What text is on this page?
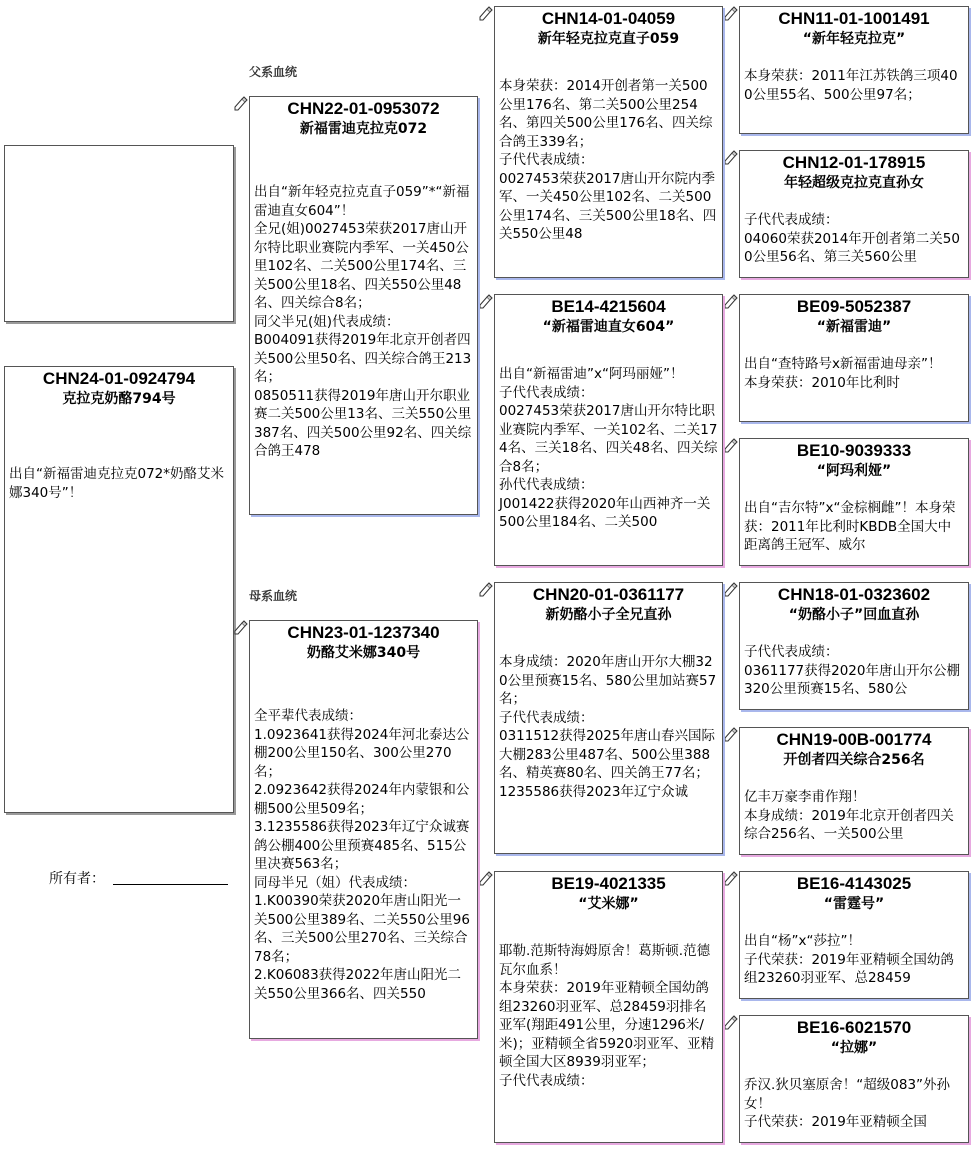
父系血统
母系血统
CHN24-01-0924794
克拉克奶酪794号
出自“新福雷迪克拉克072*奶酪艾米娜340号”！
所有者：
CHN22-01-0953072
新福雷迪克拉克072
出自“新年轻克拉克直子059”*“新福雷迪直女604”！
全兄(姐)0027453荣获2017唐山开尔特比职业赛院内季军、一关450公里102名、二关500公里174名、三关500公里18名、四关550公里48名、四关综合8名；
同父半兄(姐)代表成绩：
B004091获得2019年北京开创者四关500公里50名、四关综合鸽王213名；
0850511获得2019年唐山开尔职业赛二关500公里13名、三关550公里387名、四关500公里92名、四关综合鸽王478
CHN23-01-1237340
奶酪艾米娜340号
全平辈代表成绩：
1.0923641获得2024年河北泰达公棚200公里150名、300公里270名；
2.0923642获得2024年内蒙银和公棚500公里509名；
3.1235586获得2023年辽宁众诚赛鸽公棚400公里预赛485名、515公里决赛563名；
同母半兄（姐）代表成绩：
1.K00390荣获2020年唐山阳光一关500公里389名、二关550公里96名、三关500公里270名、三关综合78名；
2.K06083获得2022年唐山阳光二关550公里366名、四关550
CHN14-01-04059
新年轻克拉克直子059
本身荣获：2014开创者第一关500公里176名、第二关500公里254名、第四关500公里176名、四关综合鸽王339名；
子代代表成绩：
0027453荣获2017唐山开尔院内季军、一关450公里102名、二关500公里174名、三关500公里18名、四关550公里48
BE14-4215604
“新福雷迪直女604”
出自“新福雷迪”x“阿玛丽娅”！
子代代表成绩：
0027453荣获2017唐山开尔特比职业赛院内季军、一关102名、二关174名、三关18名、四关48名、四关综合8名；
孙代代表成绩：
J001422获得2020年山西神齐一关500公里184名、二关500
CHN20-01-0361177
新奶酪小子全兄直孙
本身成绩：2020年唐山开尔大棚320公里预赛15名、580公里加站赛57名；
子代代表成绩：
0311512获得2025年唐山春兴国际大棚283公里487名、500公里388名、精英赛80名、四关鸽王77名；
1235586获得2023年辽宁众诚
BE19-4021335
“艾米娜”
耶勒.范斯特海姆原舍！葛斯顿.范德瓦尔血系！
本身荣获：2019年亚精顿全国幼鸽组23260羽亚军、总28459羽排名亚军(翔距491公里，分速1296米/米)；亚精顿全省5920羽亚军、亚精顿全国大区8939羽亚军；
子代代表成绩：
CHN11-01-1001491
“新年轻克拉克”
本身荣获：2011年江苏铁鸽三项400公里55名、500公里97名；
CHN12-01-178915
年轻超级克拉克直孙女
子代代表成绩：
04060荣获2014年开创者第二关500公里56名、第三关560公里
BE09-5052387
“新福雷迪”
出自“查特路号x新福雷迪母亲”！
本身荣获：2010年比利时
BE10-9039333
“阿玛利娅”
出自“吉尔特”x“金棕榈雌”！本身荣获：2011年比利时KBDB全国大中距离鸽王冠军、威尔
CHN18-01-0323602
“奶酪小子”回血直孙
子代代表成绩：
0361177获得2020年唐山开尔公棚320公里预赛15名、580公
CHN19-00B-001774
开创者四关综合256名
亿丰万豪李甫作翔！
本身成绩：2019年北京开创者四关综合256名、一关500公里
BE16-4143025
“雷霆号”
出自“杨”x“莎拉”！
子代荣获：2019年亚精顿全国幼鸽组23260羽亚军、总28459
BE16-6021570
“拉娜”
乔汉.狄贝塞原舍！“超级083”外孙女！
子代荣获：2019年亚精顿全国
